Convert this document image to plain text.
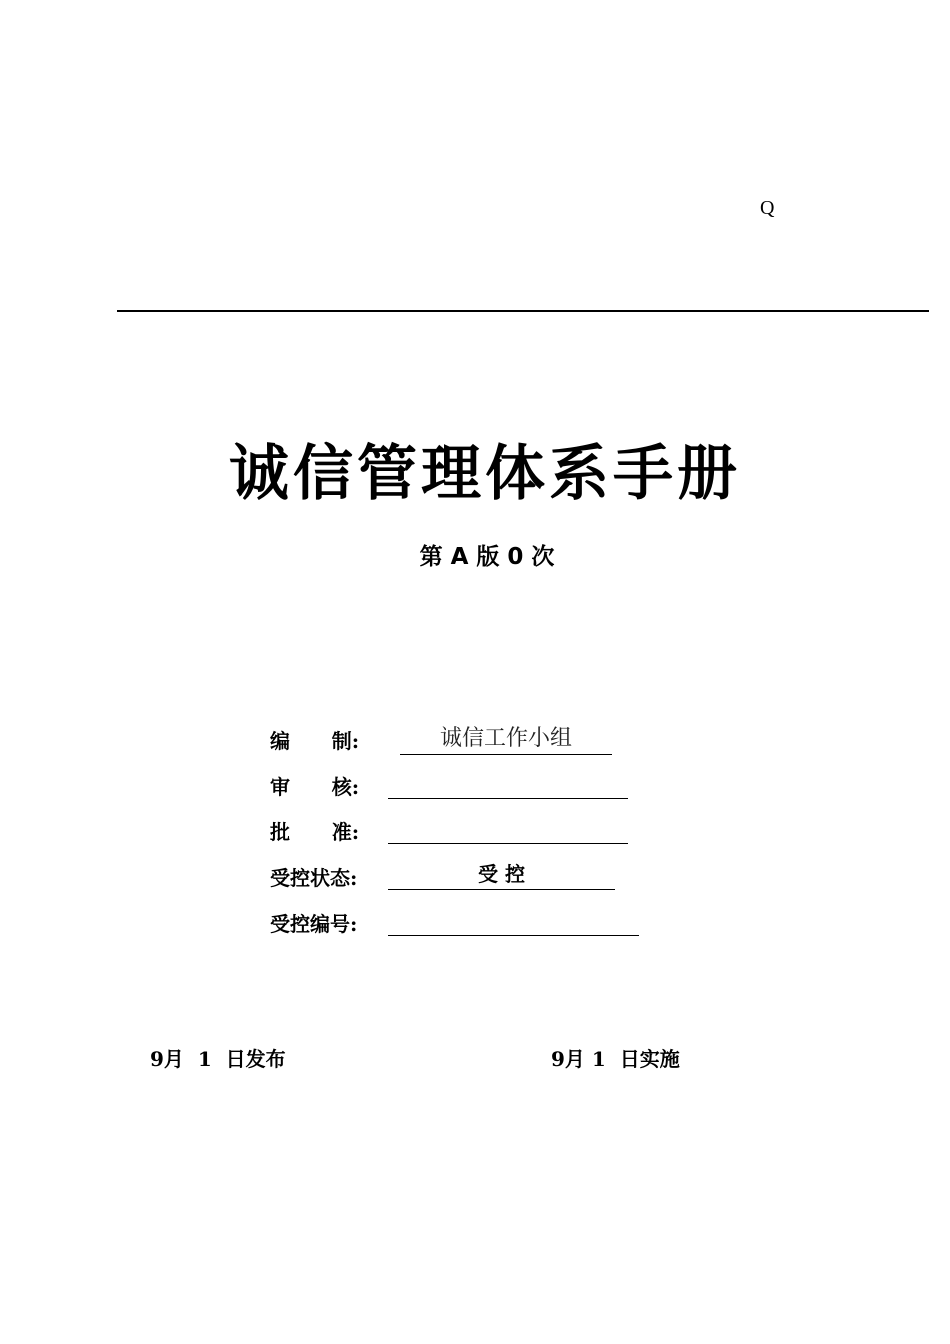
Q
诚信管理体系手册
第 A 版 0 次
编      制:	诚信工作小组
审      核:
批      准:
受控状态:	受 控
受控编号:
9月  1  日发布	9月 1  日实施
